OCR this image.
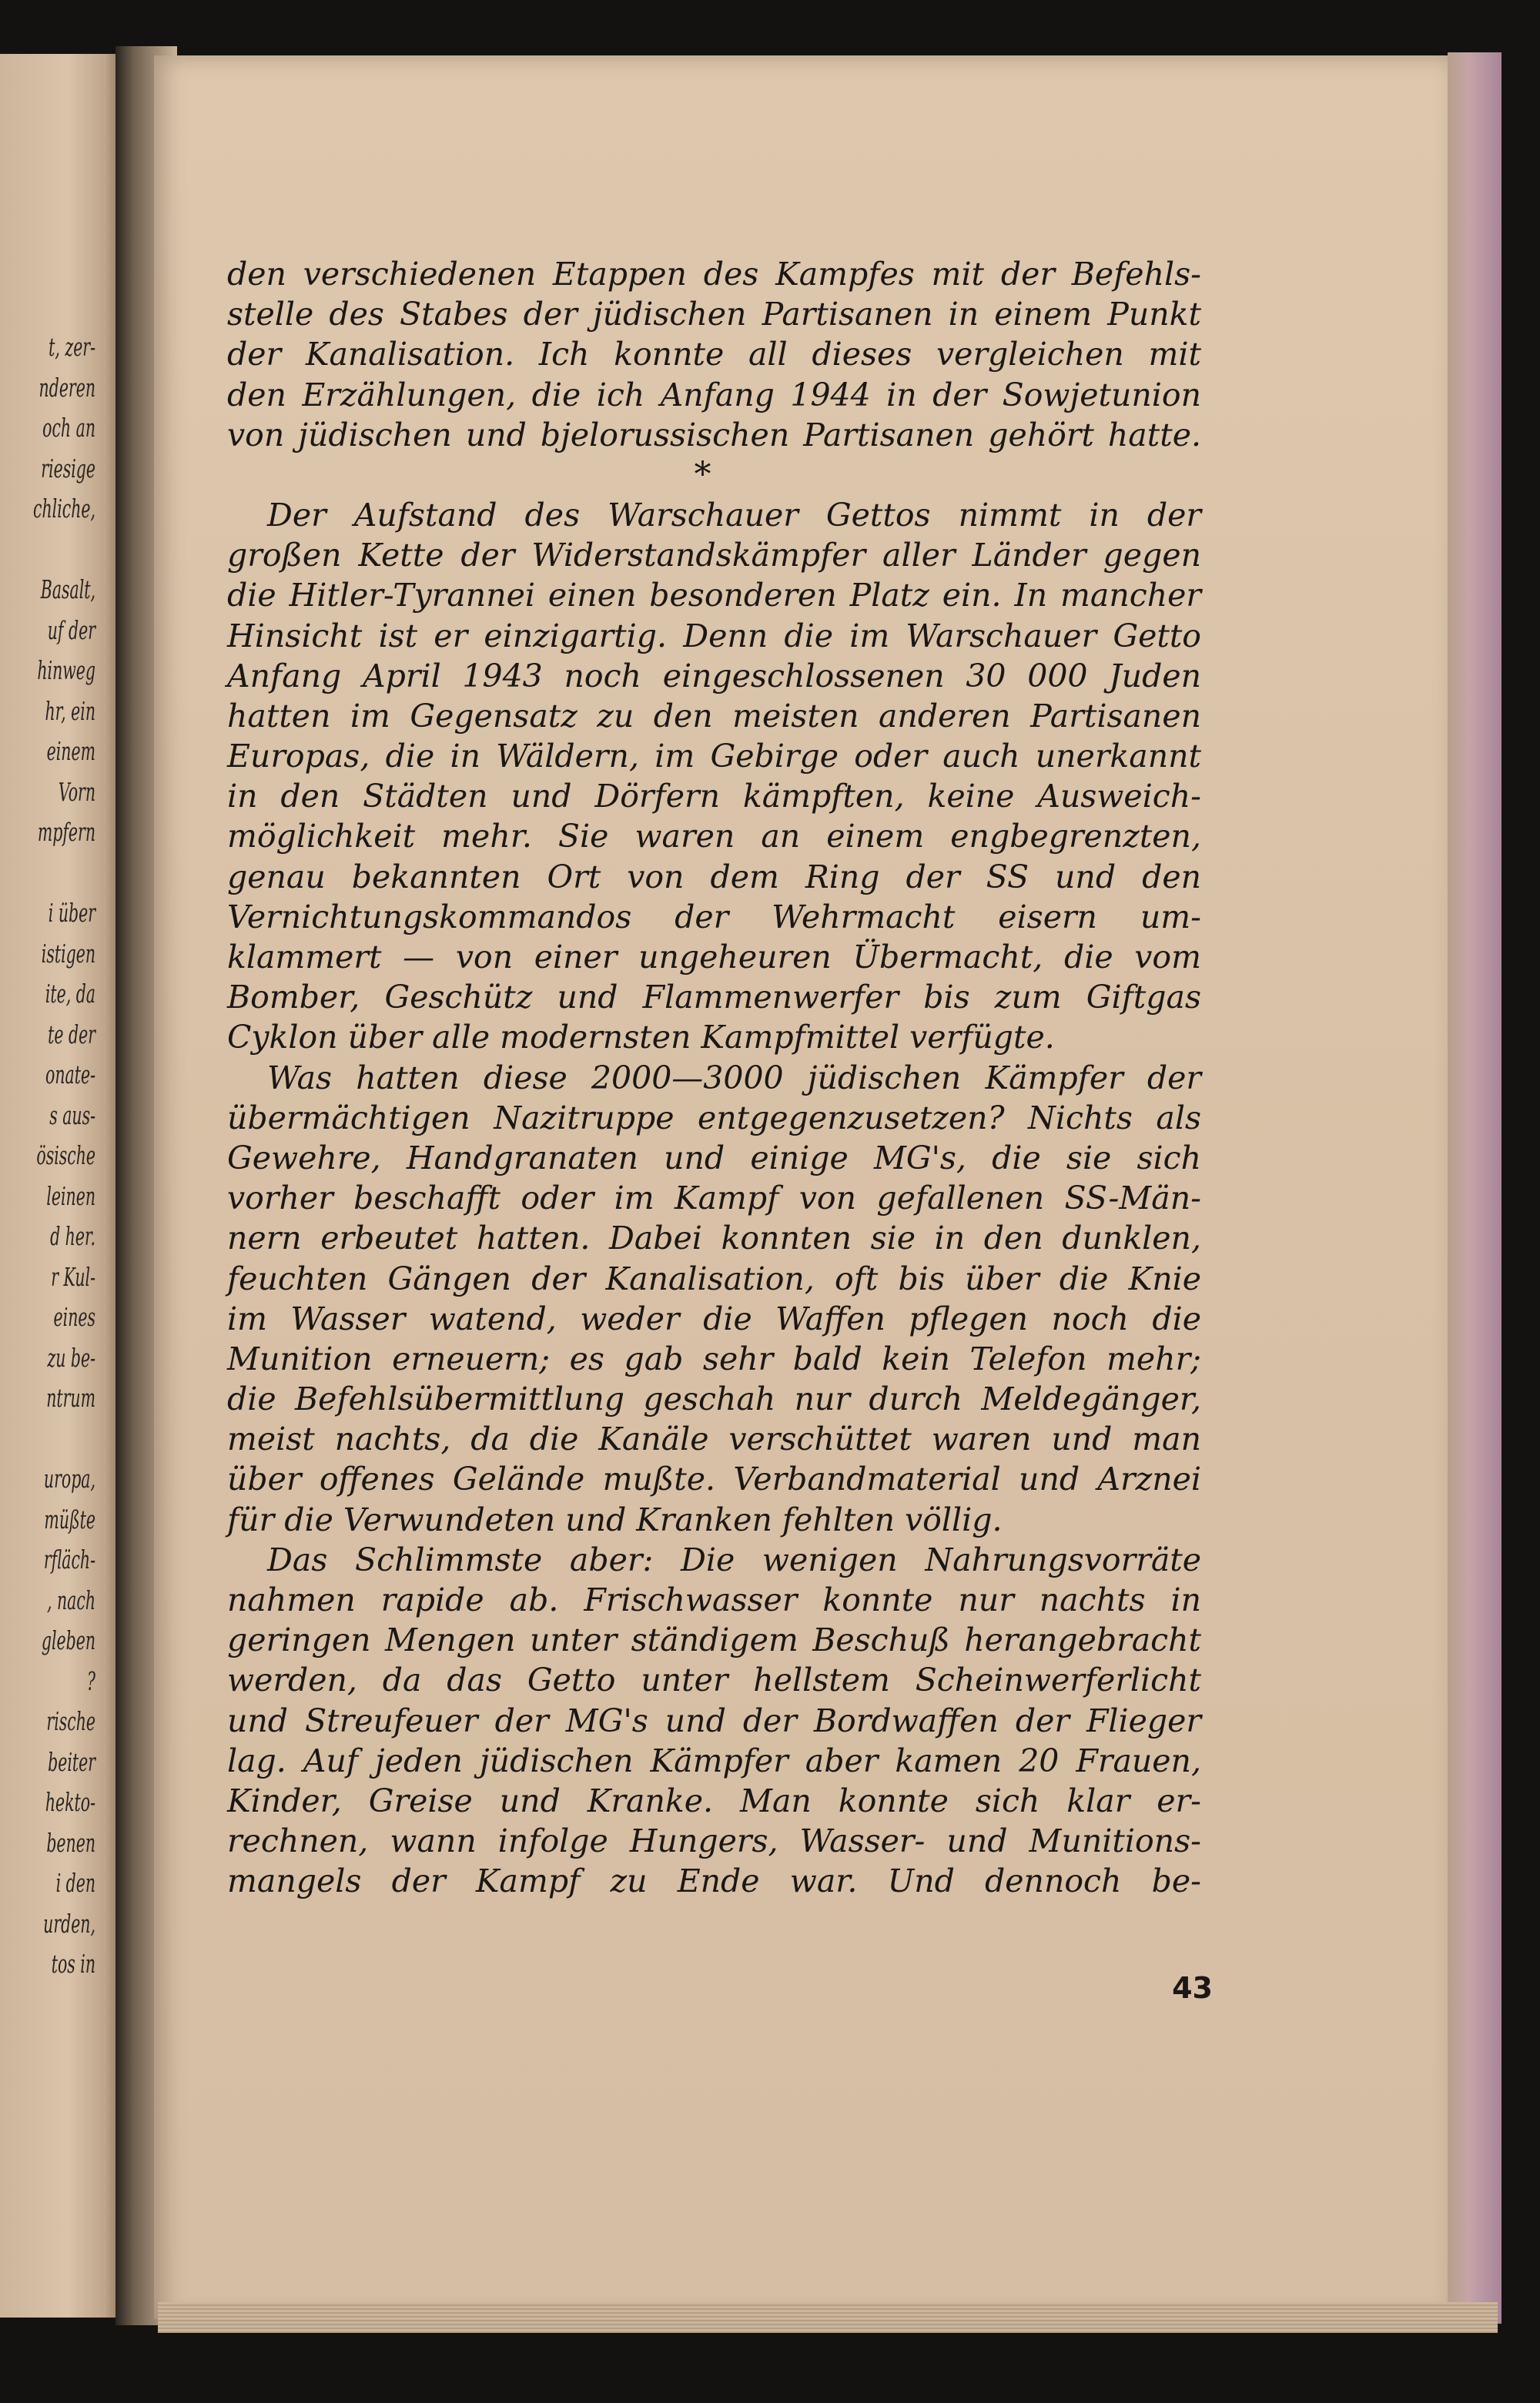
t, zer-
nderen
och an
riesige
chliche,
Basalt,
uf der
hinweg
hr, ein
einem
Vorn
mpfern
i über
istigen
ite, da
te der
onate-
s aus-
ösische
leinen
d her.
r Kul-
eines
zu be-
ntrum
uropa,
müßte
rfläch-
, nach
gleben
?
rische
beiter
hekto-
benen
i den
urden,
tos in
den verschiedenen Etappen des Kampfes mit der Befehls-
stelle des Stabes der jüdischen Partisanen in einem Punkt
der Kanalisation. Ich konnte all dieses vergleichen mit
den Erzählungen, die ich Anfang 1944 in der Sowjetunion
von jüdischen und bjelorussischen Partisanen gehört hatte.
*
Der Aufstand des Warschauer Gettos nimmt in der
großen Kette der Widerstandskämpfer aller Länder gegen
die Hitler-Tyrannei einen besonderen Platz ein. In mancher
Hinsicht ist er einzigartig. Denn die im Warschauer Getto
Anfang April 1943 noch eingeschlossenen 30 000 Juden
hatten im Gegensatz zu den meisten anderen Partisanen
Europas, die in Wäldern, im Gebirge oder auch unerkannt
in den Städten und Dörfern kämpften, keine Ausweich-
möglichkeit mehr. Sie waren an einem engbegrenzten,
genau bekannten Ort von dem Ring der SS und den
Vernichtungskommandos der Wehrmacht eisern um-
klammert — von einer ungeheuren Übermacht, die vom
Bomber, Geschütz und Flammenwerfer bis zum Giftgas
Cyklon über alle modernsten Kampfmittel verfügte.
Was hatten diese 2000—3000 jüdischen Kämpfer der
übermächtigen Nazitruppe entgegenzusetzen? Nichts als
Gewehre, Handgranaten und einige MG's, die sie sich
vorher beschafft oder im Kampf von gefallenen SS-Män-
nern erbeutet hatten. Dabei konnten sie in den dunklen,
feuchten Gängen der Kanalisation, oft bis über die Knie
im Wasser watend, weder die Waffen pflegen noch die
Munition erneuern; es gab sehr bald kein Telefon mehr;
die Befehlsübermittlung geschah nur durch Meldegänger,
meist nachts, da die Kanäle verschüttet waren und man
über offenes Gelände mußte. Verbandmaterial und Arznei
für die Verwundeten und Kranken fehlten völlig.
Das Schlimmste aber: Die wenigen Nahrungsvorräte
nahmen rapide ab. Frischwasser konnte nur nachts in
geringen Mengen unter ständigem Beschuß herangebracht
werden, da das Getto unter hellstem Scheinwerferlicht
und Streufeuer der MG's und der Bordwaffen der Flieger
lag. Auf jeden jüdischen Kämpfer aber kamen 20 Frauen,
Kinder, Greise und Kranke. Man konnte sich klar er-
rechnen, wann infolge Hungers, Wasser- und Munitions-
mangels der Kampf zu Ende war. Und dennoch be-
43
